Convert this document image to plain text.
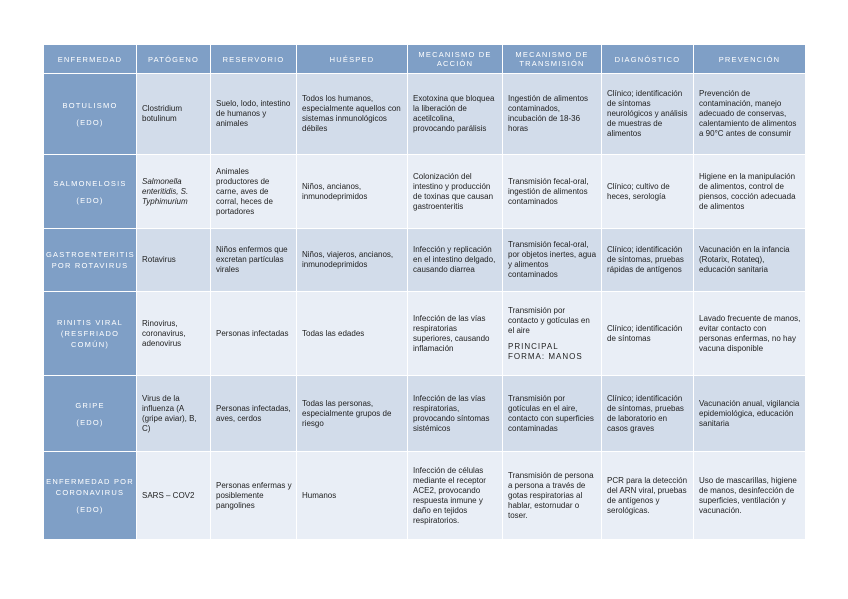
ENFERMEDAD	PATÓGENO	RESERVORIO	HUÉSPED	MECANISMO DE ACCIÓN	MECANISMO DE TRANSMISIÓN	DIAGNÓSTICO	PREVENCIÓN
BOTULISMO
(EDO)	Clostridium botulinum	Suelo, lodo, intestino de humanos y animales	Todos los humanos, especialmente aquellos con sistemas inmunológicos débiles	Exotoxina que bloquea la liberación de acetilcolina, provocando parálisis	Ingestión de alimentos contaminados, incubación de 18-36 horas	Clínico; identificación de síntomas neurológicos y análisis de muestras de alimentos	Prevención de contaminación, manejo adecuado de conservas, calentamiento de alimentos a 90°C antes de consumir
SALMONELOSIS
(EDO)	Salmonella enteritidis, S. Typhimurium	Animales productores de carne, aves de corral, heces de portadores	Niños, ancianos, inmunodeprimidos	Colonización del intestino y producción de toxinas que causan gastroenteritis	Transmisión fecal-oral, ingestión de alimentos contaminados	Clínico; cultivo de heces, serología	Higiene en la manipulación de alimentos, control de piensos, cocción adecuada de alimentos
GASTROENTERITIS POR ROTAVIRUS	Rotavirus	Niños enfermos que excretan partículas virales	Niños, viajeros, ancianos, inmunodeprimidos	Infección y replicación en el intestino delgado, causando diarrea	Transmisión fecal-oral, por objetos inertes, agua y alimentos contaminados	Clínico; identificación de síntomas, pruebas rápidas de antígenos	Vacunación en la infancia (Rotarix, Rotateq), educación sanitaria
RINITIS VIRAL
(RESFRIADO COMÚN)	Rinovirus, coronavirus, adenovirus	Personas infectadas	Todas las edades	Infección de las vías respiratorias superiores, causando inflamación	Transmisión por contacto y gotículas en el aire
PRINCIPAL FORMA: MANOS	Clínico; identificación de síntomas	Lavado frecuente de manos, evitar contacto con personas enfermas, no hay vacuna disponible
GRIPE
(EDO)	Virus de la influenza (A (gripe aviar), B, C)	Personas infectadas, aves, cerdos	Todas las personas, especialmente grupos de riesgo	Infección de las vías respiratorias, provocando síntomas sistémicos	Transmisión por gotículas en el aire, contacto con superficies contaminadas	Clínico; identificación de síntomas, pruebas de laboratorio en casos graves	Vacunación anual, vigilancia epidemiológica, educación sanitaria
ENFERMEDAD POR CORONAVIRUS
(EDO)	SARS – COV2	Personas enfermas y posiblemente pangolines	Humanos	Infección de células mediante el receptor ACE2, provocando respuesta inmune y daño en tejidos respiratorios.	Transmisión de persona a persona a través de gotas respiratorias al hablar, estornudar o toser.	PCR para la detección del ARN viral, pruebas de antígenos y serológicas.	Uso de mascarillas, higiene de manos, desinfección de superficies, ventilación y vacunación.
